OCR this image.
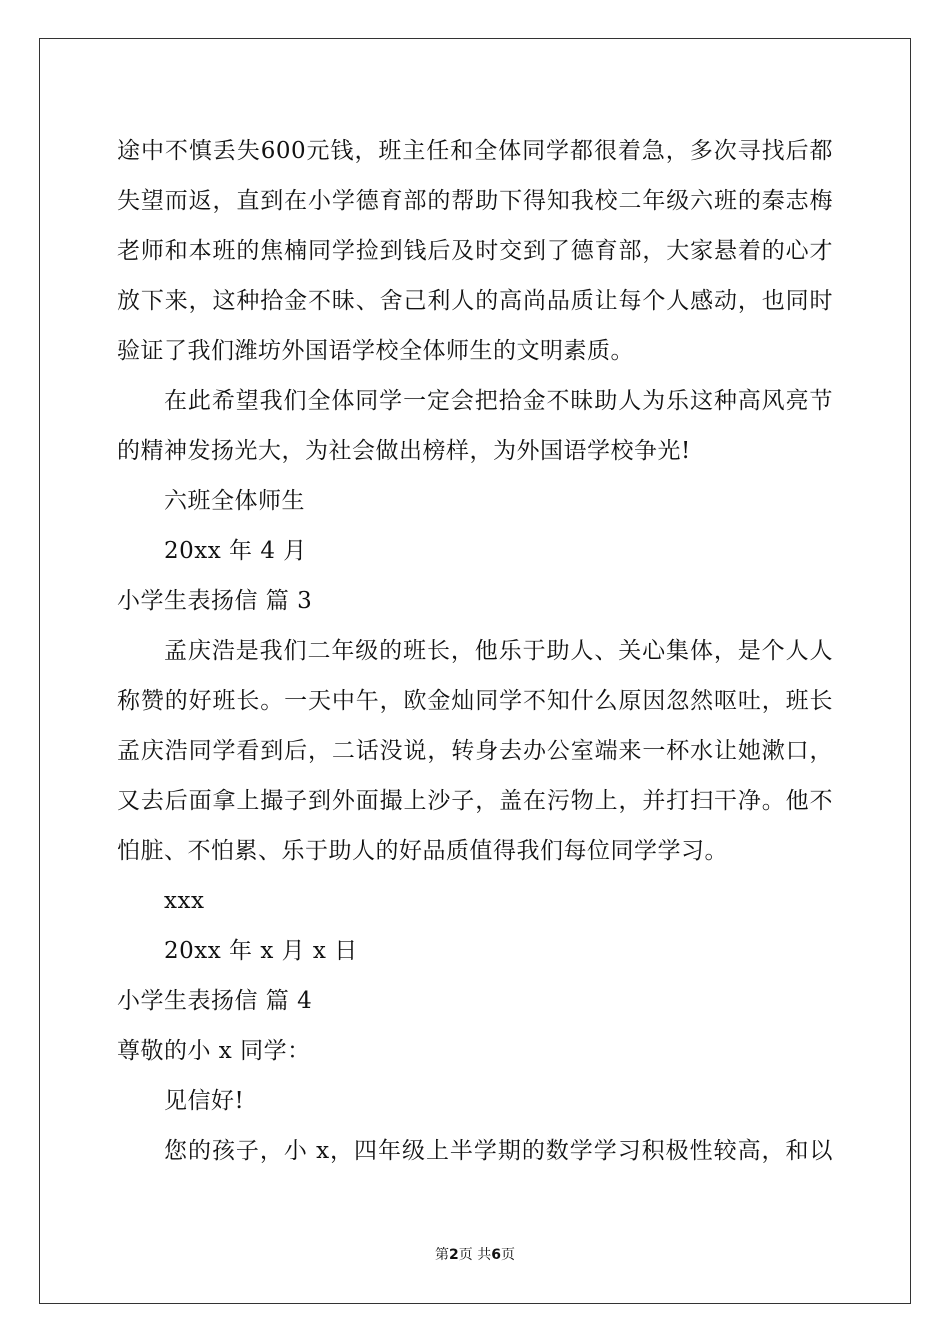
途中不慎丢失600元钱，班主任和全体同学都很着急，多次寻找后都
失望而返，直到在小学德育部的帮助下得知我校二年级六班的秦志梅
老师和本班的焦楠同学捡到钱后及时交到了德育部，大家悬着的心才
放下来，这种拾金不昧、舍己利人的高尚品质让每个人感动，也同时
验证了我们潍坊外国语学校全体师生的文明素质。
在此希望我们全体同学一定会把拾金不昧助人为乐这种高风亮节
的精神发扬光大，为社会做出榜样，为外国语学校争光!
六班全体师生
20xx 年 4 月
小学生表扬信 篇 3
孟庆浩是我们二年级的班长，他乐于助人、关心集体，是个人人
称赞的好班长。一天中午，欧金灿同学不知什么原因忽然呕吐，班长
孟庆浩同学看到后，二话没说，转身去办公室端来一杯水让她漱口，
又去后面拿上撮子到外面撮上沙子，盖在污物上，并打扫干净。他不
怕脏、不怕累、乐于助人的好品质值得我们每位同学学习。
xxx
20xx 年 x 月 x 日
小学生表扬信 篇 4
尊敬的小 x 同学：
见信好!
您的孩子，小 x，四年级上半学期的数学学习积极性较高，和以
第2页 共6页
